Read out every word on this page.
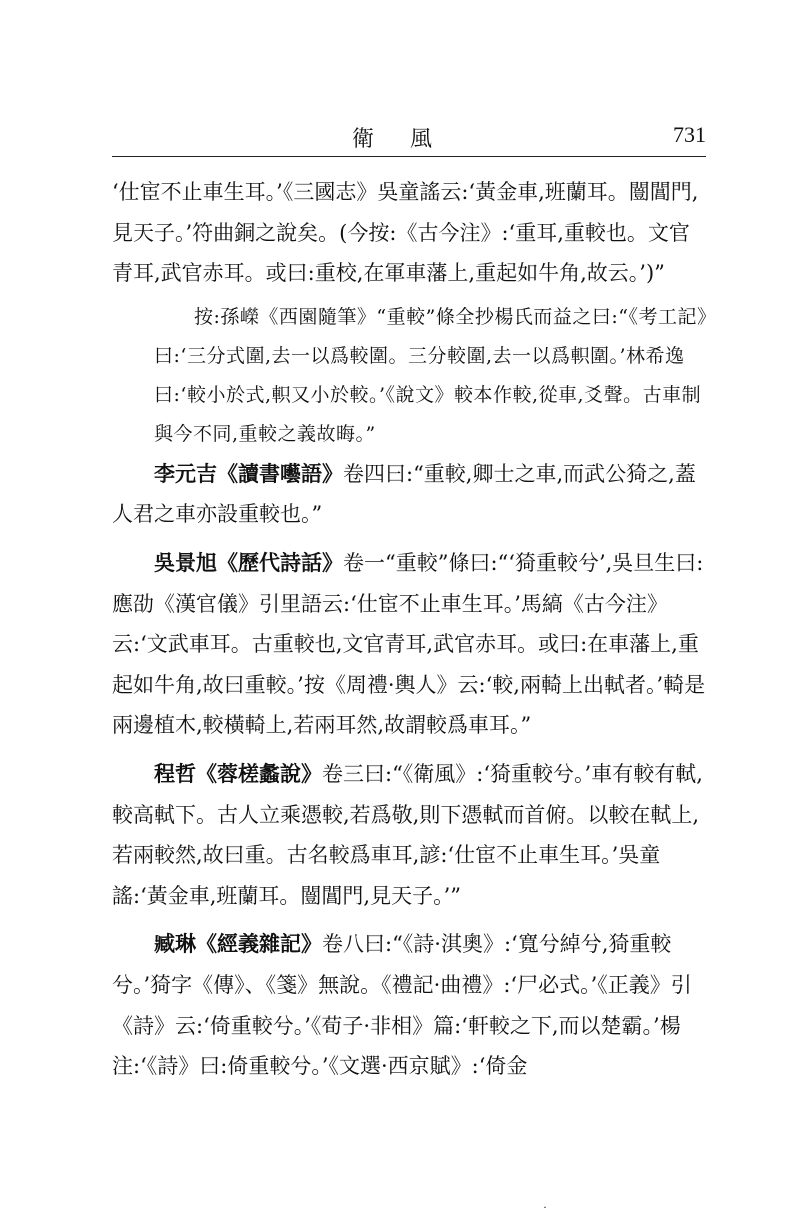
衛風	731

‘仕宦不止車生耳。’《三國志》吳童謠云:‘黃金車,班蘭耳。闓閶門,見天子。’符曲銅之說矣。(今按:《古今注》:‘重耳,重較也。文官青耳,武官赤耳。或曰:重校,在軍車藩上,重起如牛角,故云。’)”

按:孫嶸《西園隨筆》“重較”條全抄楊氏而益之曰:“《考工記》曰:‘三分式圍,去一以爲較圍。三分較圍,去一以爲軹圍。’林希逸曰:‘較小於式,軹又小於較。’《說文》較本作較,從車,爻聲。古車制與今不同,重較之義故晦。”

李元吉《讀書囈語》卷四曰:“重較,卿士之車,而武公猗之,蓋人君之車亦設重較也。”

吳景旭《歷代詩話》卷一“重較”條曰:“‘猗重較兮’,吳旦生曰:應劭《漢官儀》引里語云:‘仕宦不止車生耳。’馬縞《古今注》云:‘文武車耳。古重較也,文官青耳,武官赤耳。或曰:在車藩上,重起如牛角,故曰重較。’按《周禮·輿人》云:‘較,兩輢上出軾者。’輢是兩邊植木,較橫輢上,若兩耳然,故謂較爲車耳。”

程哲《蓉槎蠡說》卷三曰:“《衛風》:‘猗重較兮。’車有較有軾,較高軾下。古人立乘憑較,若爲敬,則下憑軾而首俯。以較在軾上,若兩較然,故曰重。古名較爲車耳,諺:‘仕宦不止車生耳。’吳童謠:‘黃金車,班蘭耳。闓閶門,見天子。’”

臧琳《經義雜記》卷八曰:“《詩·淇奧》:‘寬兮綽兮,猗重較兮。’猗字《傳》、《箋》無說。《禮記·曲禮》:‘尸必式。’《正義》引《詩》云:‘倚重較兮。’《荀子·非相》篇:‘軒較之下,而以楚霸。’楊注:‘《詩》曰:倚重較兮。’《文選·西京賦》:‘倚金

·
